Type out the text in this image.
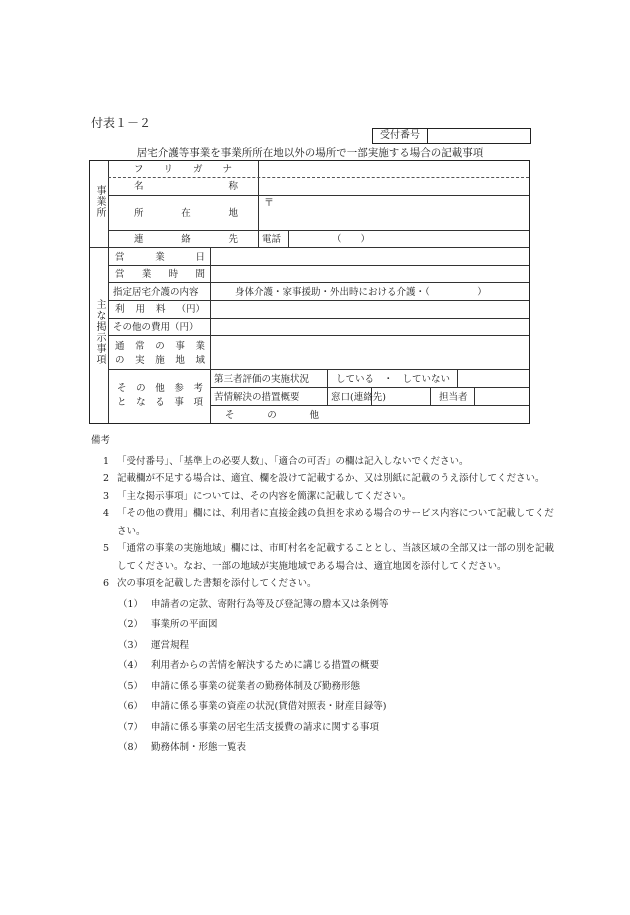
付表１－２
受付番号
居宅介護等事業を事業所所在地以外の場所で一部実施する場合の記載事項
事業所
フ リ ガ ナ
名	称
所	在	地
〒
連	絡	先	電話	（　　）
主な掲示事項
営	業	日
営 業 時 間
指定居宅介護の内容	身体介護・家事援助・外出時における介護・（　　　　　）
利 用 料 （円）
その他の費用（円）
通 常 の 事 業
の 実 施 地 域
そ の 他 参 考
と な る 事 項
第三者評価の実施状況	している　・　していない
苦情解決の措置概要	窓口(連絡先)	担当者
そ	の	他
備考
1 「受付番号」、「基準上の必要人数」、「適合の可否」の欄は記入しないでください。
2 記載欄が不足する場合は、適宜、欄を設けて記載するか、又は別紙に記載のうえ添付してください。
3 「主な掲示事項」については、その内容を簡潔に記載してください。
4 「その他の費用」欄には、利用者に直接金銭の負担を求める場合のサービス内容について記載してください。
5 「通常の事業の実施地域」欄には、市町村名を記載することとし、当該区域の全部又は一部の別を記載してください。なお、一部の地域が実施地域である場合は、適宜地図を添付してください。
6 次の事項を記載した書類を添付してください。
（1） 申請者の定款、寄附行為等及び登記簿の謄本又は条例等
（2） 事業所の平面図
（3） 運営規程
（4） 利用者からの苦情を解決するために講じる措置の概要
（5） 申請に係る事業の従業者の勤務体制及び勤務形態
（6） 申請に係る事業の資産の状況(貸借対照表・財産目録等)
（7） 申請に係る事業の居宅生活支援費の請求に関する事項
（8） 勤務体制・形態一覧表
